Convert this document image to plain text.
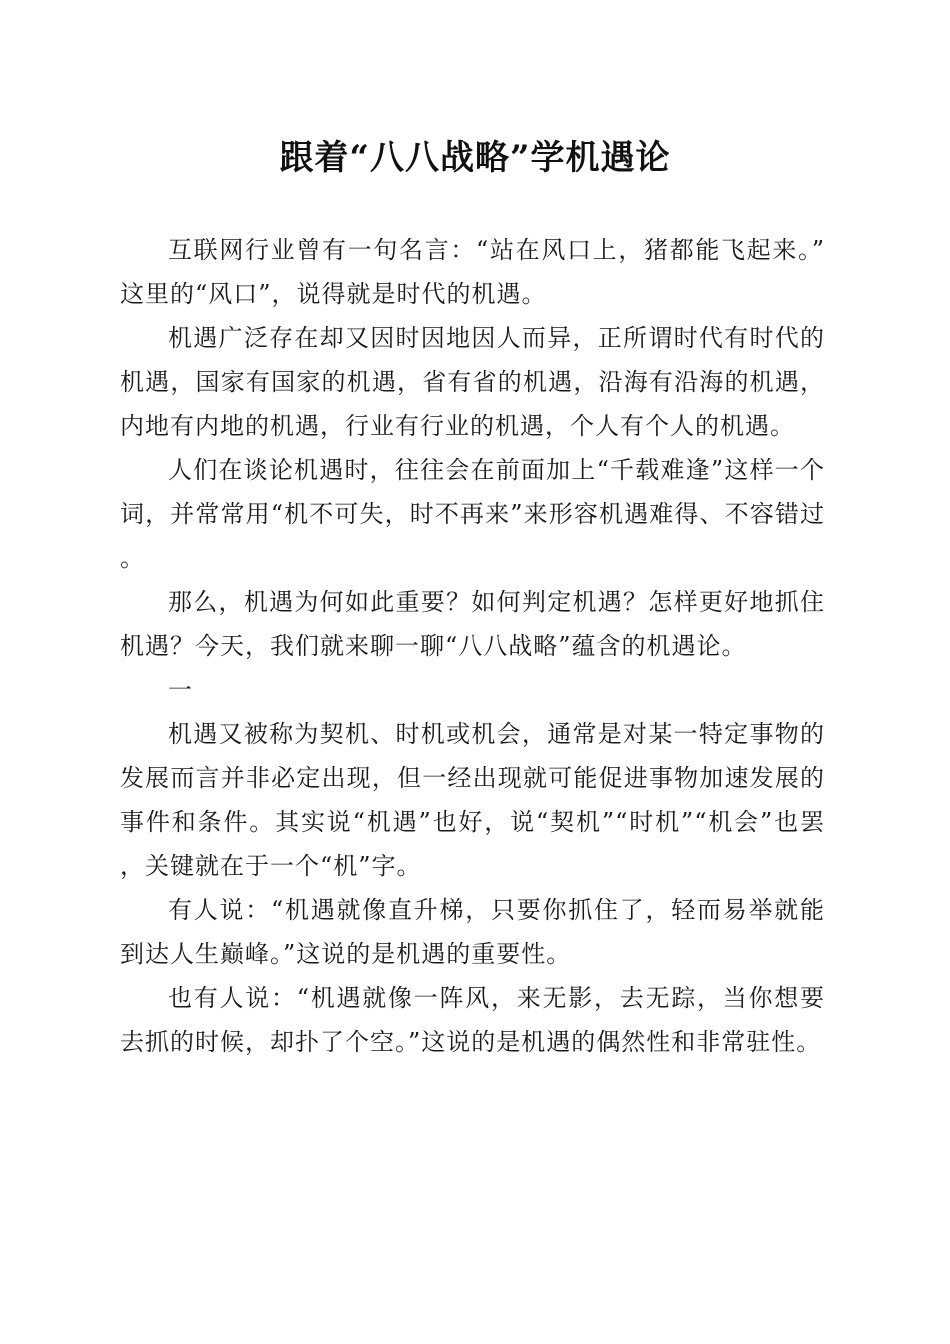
跟着“八八战略”学机遇论

互联网行业曾有一句名言：“站在风口上，猪都能飞起来。”这里的“风口”，说得就是时代的机遇。

机遇广泛存在却又因时因地因人而异，正所谓时代有时代的机遇，国家有国家的机遇，省有省的机遇，沿海有沿海的机遇，内地有内地的机遇，行业有行业的机遇，个人有个人的机遇。

人们在谈论机遇时，往往会在前面加上“千载难逢”这样一个词，并常常用“机不可失，时不再来”来形容机遇难得、不容错过。

那么，机遇为何如此重要？如何判定机遇？怎样更好地抓住机遇？今天，我们就来聊一聊“八八战略”蕴含的机遇论。

一

机遇又被称为契机、时机或机会，通常是对某一特定事物的发展而言并非必定出现，但一经出现就可能促进事物加速发展的事件和条件。其实说“机遇”也好，说“契机”“时机”“机会”也罢，关键就在于一个“机”字。

有人说：“机遇就像直升梯，只要你抓住了，轻而易举就能到达人生巅峰。”这说的是机遇的重要性。

也有人说：“机遇就像一阵风，来无影，去无踪，当你想要去抓的时候，却扑了个空。”这说的是机遇的偶然性和非常驻性。
